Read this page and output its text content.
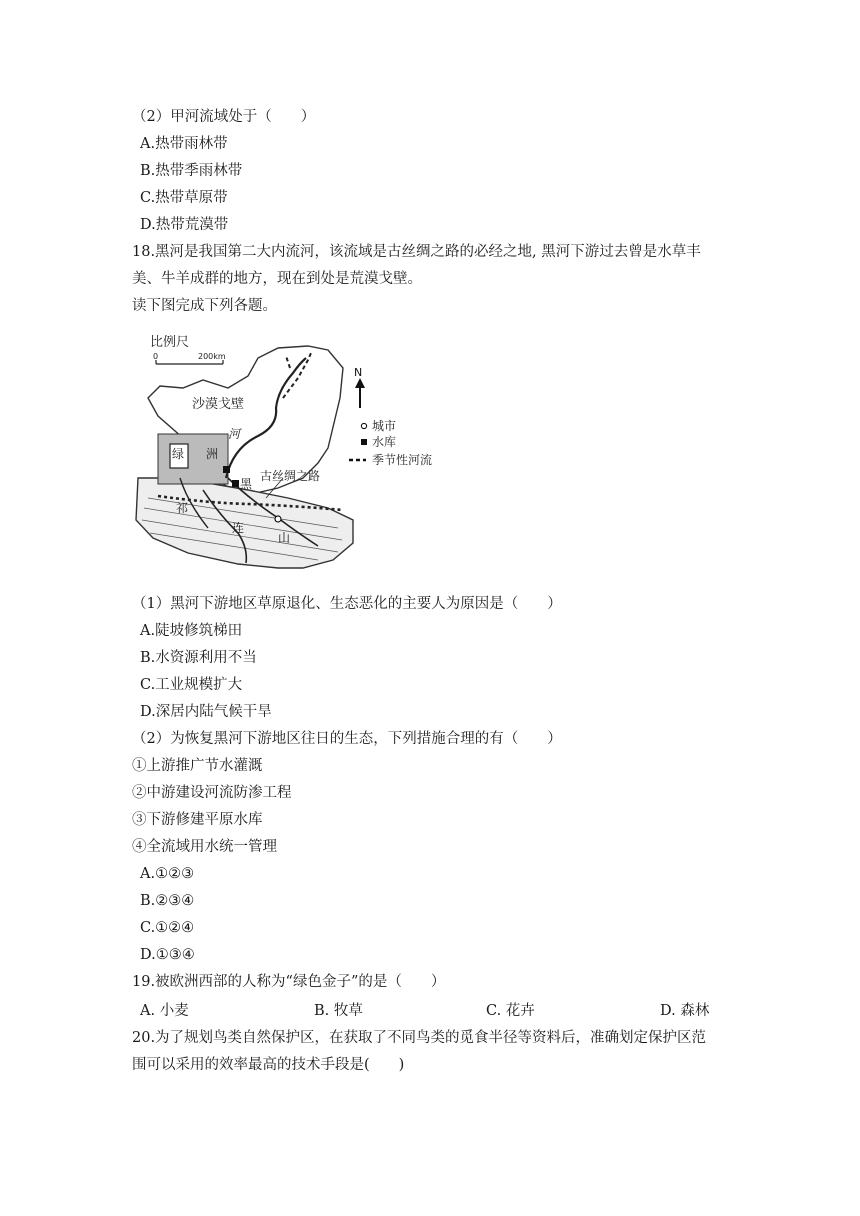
（2）甲河流域处于（　　）
A.热带雨林带
B.热带季雨林带
C.热带草原带
D.热带荒漠带
18.黑河是我国第二大内流河，该流域是古丝绸之路的必经之地, 黑河下游过去曾是水草丰
美、牛羊成群的地方，现在到处是荒漠戈壁。
读下图完成下列各题。
比例尺
0	200km
沙漠戈壁
河
绿 洲
黑
古丝绸之路
祁
连
山
N
城市
水库
季节性河流
（1）黑河下游地区草原退化、生态恶化的主要人为原因是（　　）
A.陡坡修筑梯田
B.水资源利用不当
C.工业规模扩大
D.深居内陆气候干旱
（2）为恢复黑河下游地区往日的生态，下列措施合理的有（　　）
①上游推广节水灌溉
②中游建设河流防渗工程
③下游修建平原水库
④全流域用水统一管理
A.①②③
B.②③④
C.①②④
D.①③④
19.被欧洲西部的人称为“绿色金子”的是（　　）
A. 小麦	B. 牧草	C. 花卉	D. 森林
20.为了规划鸟类自然保护区，在获取了不同鸟类的觅食半径等资料后，准确划定保护区范
围可以采用的效率最高的技术手段是(　　)
